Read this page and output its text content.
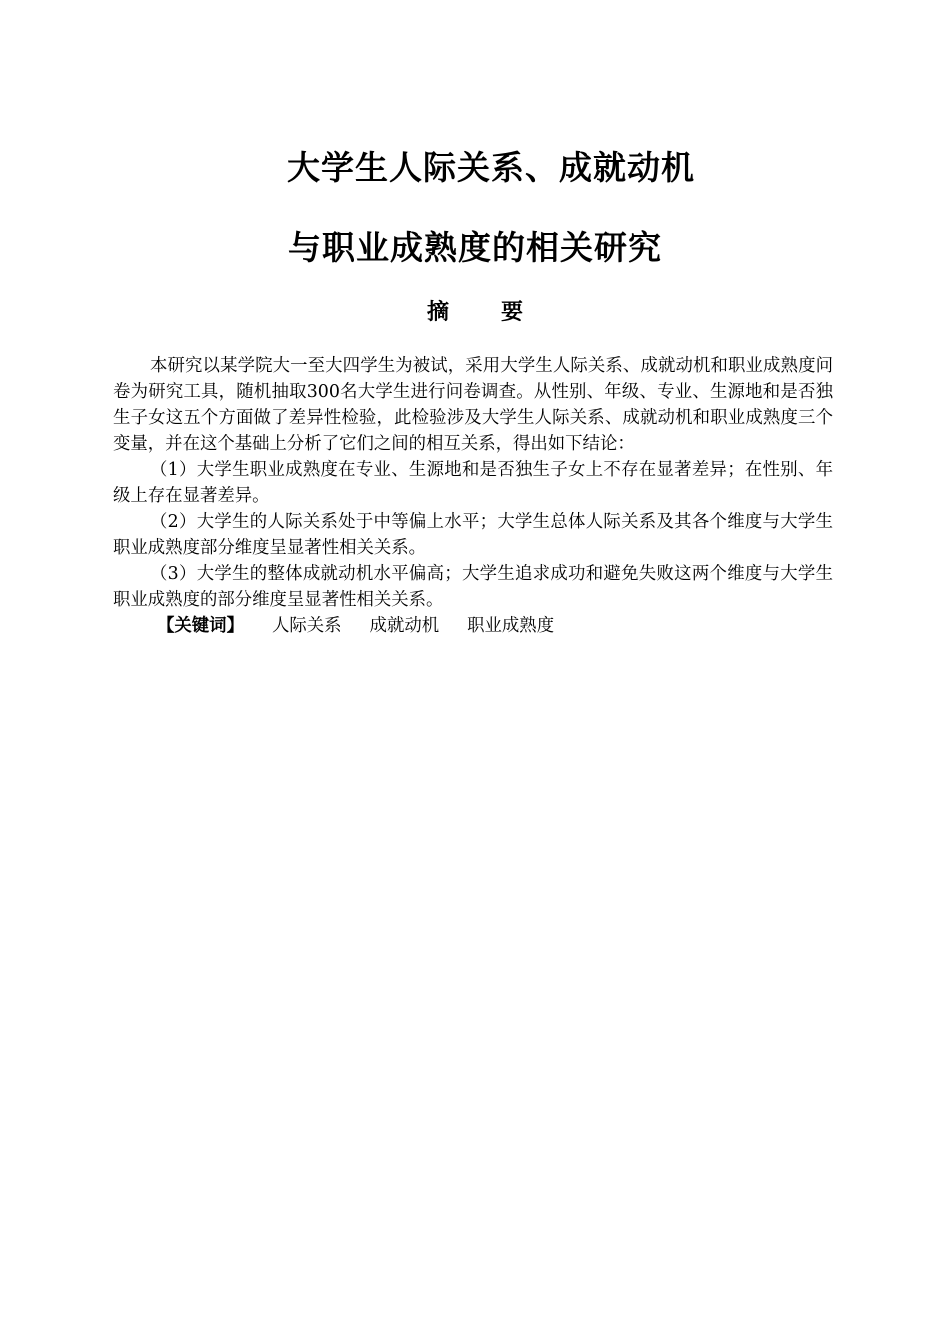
大学生人际关系、成就动机
与职业成熟度的相关研究
摘 要

本研究以某学院大一至大四学生为被试，采用大学生人际关系、成就动机和职业成熟度问卷为研究工具，随机抽取300名大学生进行问卷调查。从性别、年级、专业、生源地和是否独生子女这五个方面做了差异性检验，此检验涉及大学生人际关系、成就动机和职业成熟度三个变量，并在这个基础上分析了它们之间的相互关系，得出如下结论：

（1）大学生职业成熟度在专业、生源地和是否独生子女上不存在显著差异；在性别、年级上存在显著差异。

（2）大学生的人际关系处于中等偏上水平；大学生总体人际关系及其各个维度与大学生职业成熟度部分维度呈显著性相关关系。

（3）大学生的整体成就动机水平偏高；大学生追求成功和避免失败这两个维度与大学生职业成熟度的部分维度呈显著性相关关系。

【关键词】 人际关系 成就动机 职业成熟度
